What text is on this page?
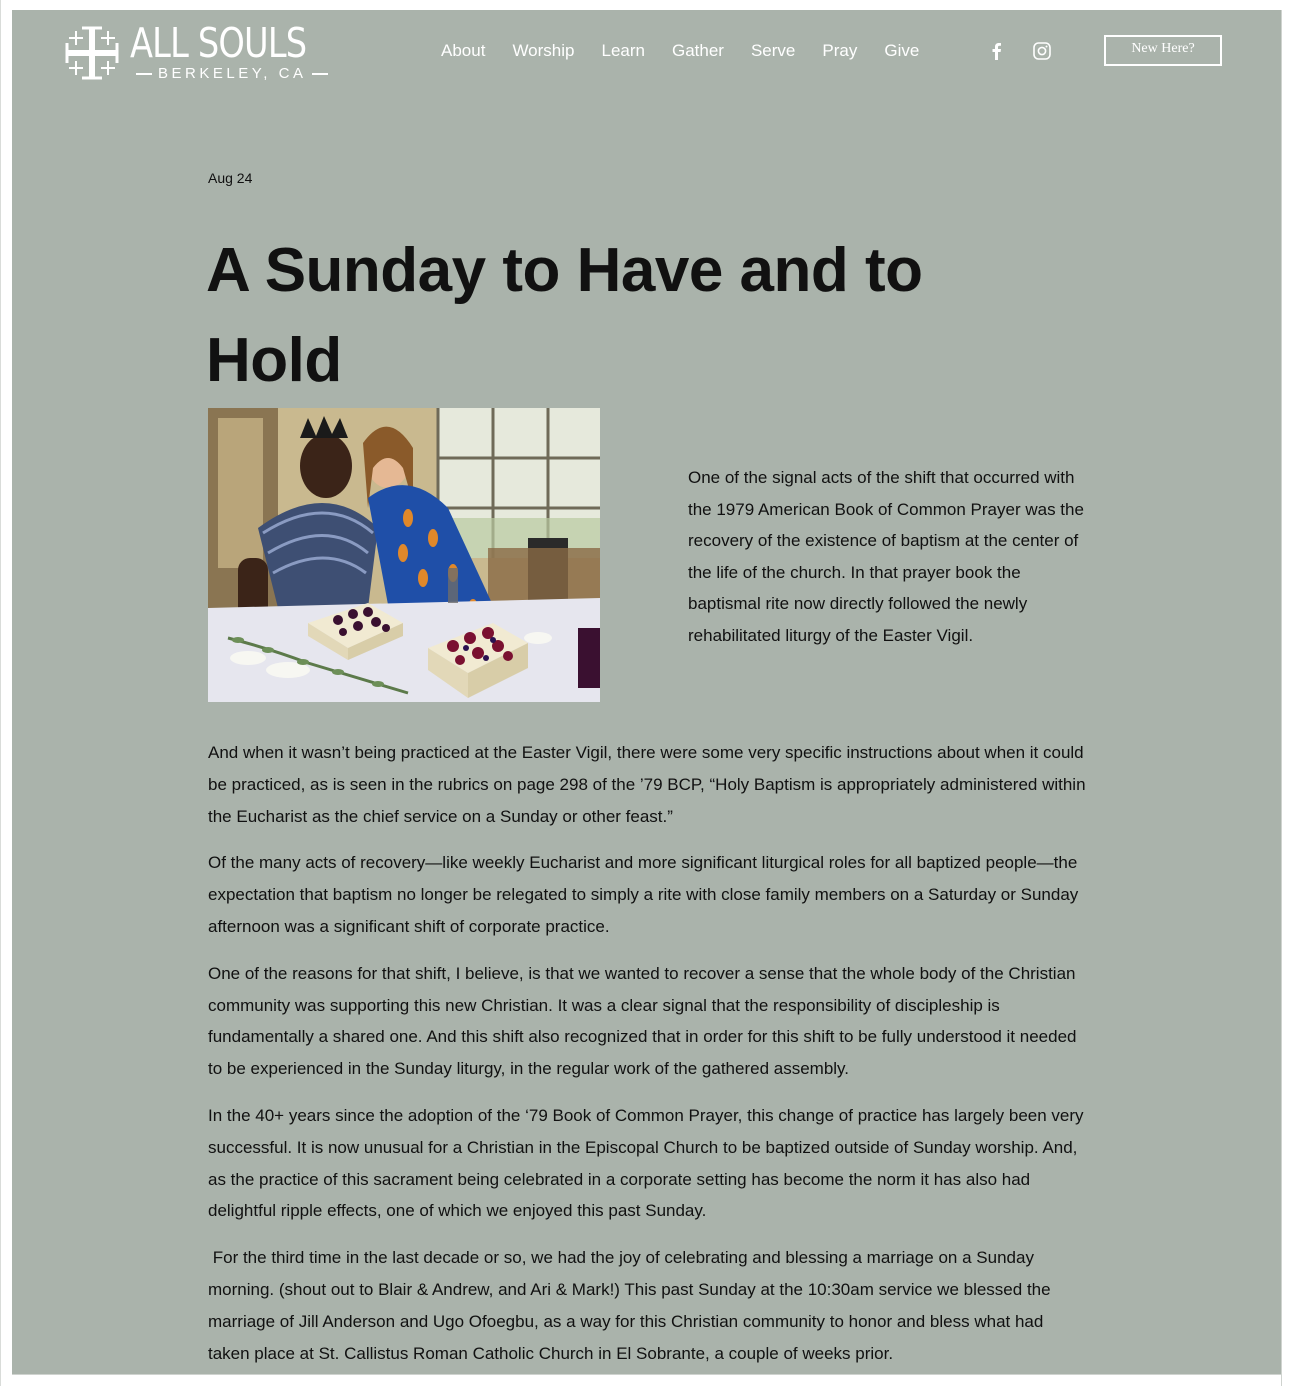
ALL SOULS
BERKELEY, CA
About Worship Learn Gather Serve Pray Give	New Here?
Aug 24
A Sunday to Have and to Hold

One of the signal acts of the shift that occurred with the 1979 American Book of Common Prayer was the recovery of the existence of baptism at the center of the life of the church. In that prayer book the baptismal rite now directly followed the newly rehabilitated liturgy of the Easter Vigil.

And when it wasn’t being practiced at the Easter Vigil, there were some very specific instructions about when it could be practiced, as is seen in the rubrics on page 298 of the ’79 BCP, “Holy Baptism is appropriately administered within the Eucharist as the chief service on a Sunday or other feast.”

Of the many acts of recovery—like weekly Eucharist and more significant liturgical roles for all baptized people—the expectation that baptism no longer be relegated to simply a rite with close family members on a Saturday or Sunday afternoon was a significant shift of corporate practice.

One of the reasons for that shift, I believe, is that we wanted to recover a sense that the whole body of the Christian community was supporting this new Christian. It was a clear signal that the responsibility of discipleship is fundamentally a shared one. And this shift also recognized that in order for this shift to be fully understood it needed to be experienced in the Sunday liturgy, in the regular work of the gathered assembly.

In the 40+ years since the adoption of the ‘79 Book of Common Prayer, this change of practice has largely been very successful. It is now unusual for a Christian in the Episcopal Church to be baptized outside of Sunday worship. And, as the practice of this sacrament being celebrated in a corporate setting has become the norm it has also had delightful ripple effects, one of which we enjoyed this past Sunday.

For the third time in the last decade or so, we had the joy of celebrating and blessing a marriage on a Sunday morning. (shout out to Blair & Andrew, and Ari & Mark!) This past Sunday at the 10:30am service we blessed the marriage of Jill Anderson and Ugo Ofoegbu, as a way for this Christian community to honor and bless what had taken place at St. Callistus Roman Catholic Church in El Sobrante, a couple of weeks prior.
